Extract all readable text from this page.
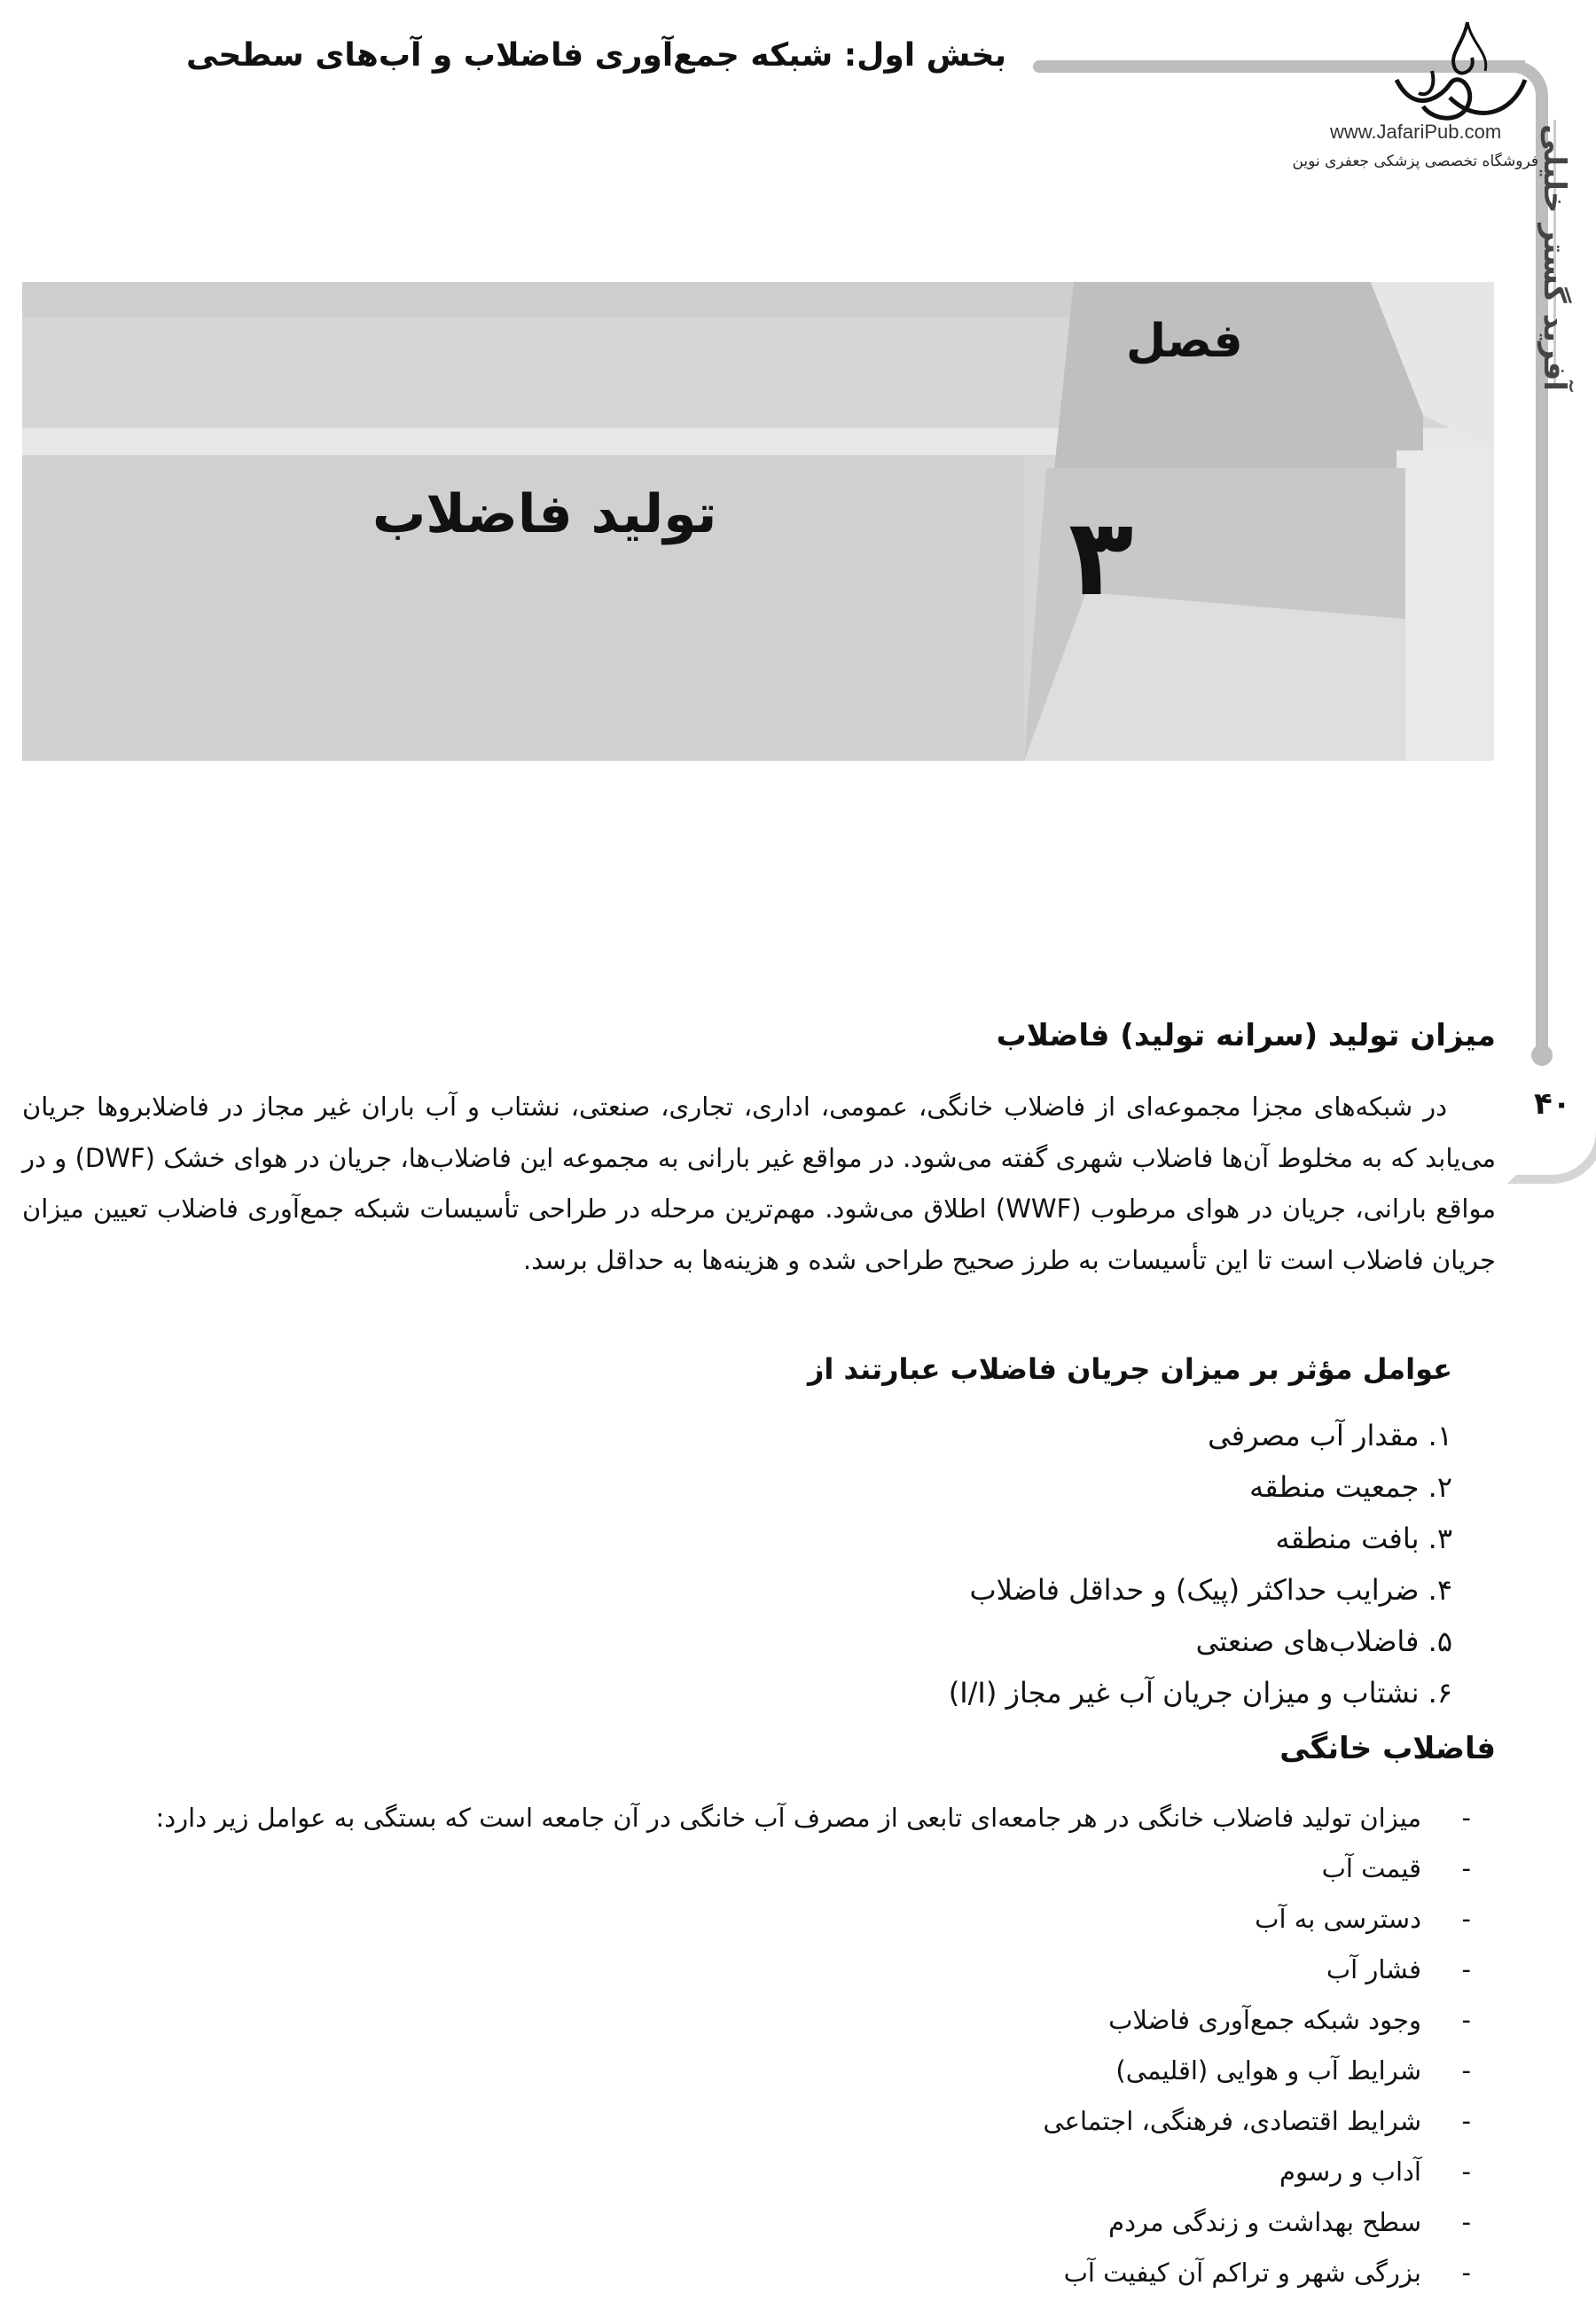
بخش اول: شبکه جمع‌آوری فاضلاب و آب‌های سطحی
آفرید گستر خلیلی
www.JafariPub.com
فروشگاه تخصصی پزشکی جعفری نوین
فصل
۳
تولید فاضلاب
۴۰
میزان تولید (سرانه تولید) فاضلاب

در شبکه‌های مجزا مجموعه‌ای از فاضلاب خانگی، عمومی، اداری، تجاری، صنعتی، نشتاب و آب باران غیر مجاز در فاضلابروها جریان می‌یابد که به مخلوط آن‌ها فاضلاب شهری گفته می‌شود. در مواقع غیر بارانی به مجموعه این فاضلاب‌ها، جریان در هوای خشک (DWF) و در مواقع بارانی، جریان در هوای مرطوب (WWF) اطلاق می‌شود. مهم‌ترین مرحله در طراحی تأسیسات شبکه جمع‌آوری فاضلاب تعیین میزان جریان فاضلاب است تا این تأسیسات به طرز صحیح طراحی شده و هزینه‌ها به حداقل برسد.

عوامل مؤثر بر میزان جریان فاضلاب عبارتند از
۱. مقدار آب مصرفی
۲. جمعیت منطقه
۳. بافت منطقه
۴. ضرایب حداکثر (پیک) و حداقل فاضلاب
۵. فاضلاب‌های صنعتی
۶. نشتاب و میزان جریان آب غیر مجاز (I/I)
فاضلاب خانگی
-
میزان تولید فاضلاب خانگی در هر جامعه‌ای تابعی از مصرف آب خانگی در آن جامعه است که بستگی به عوامل زیر دارد:
-
قیمت آب
-
دسترسی به آب
-
فشار آب
-
وجود شبکه جمع‌آوری فاضلاب
-
شرایط آب و هوایی (اقلیمی)
-
شرایط اقتصادی، فرهنگی، اجتماعی
-
آداب و رسوم
-
سطح بهداشت و زندگی مردم
-
بزرگی شهر و تراکم آن کیفیت آب
